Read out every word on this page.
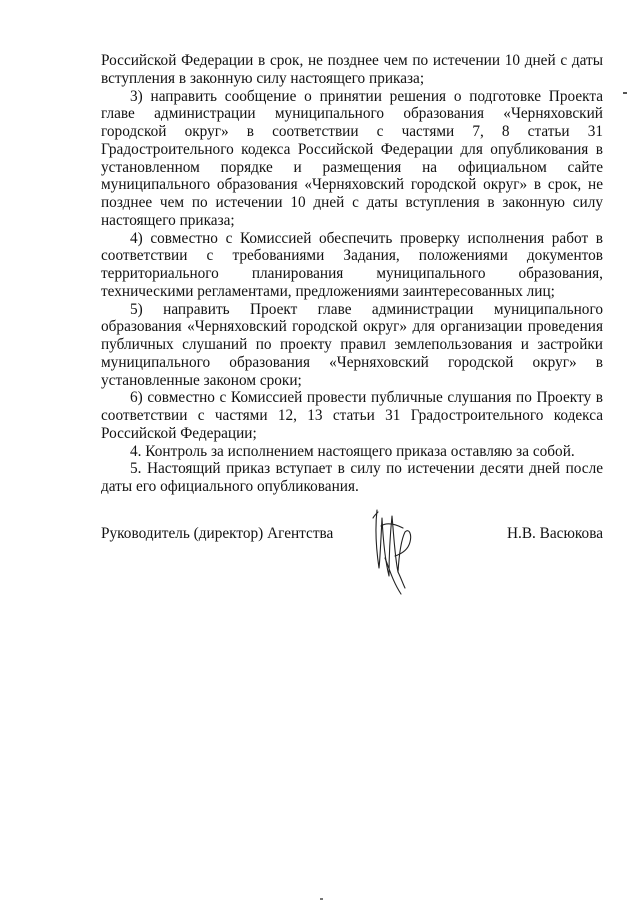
Российской Федерации в срок, не позднее чем по истечении 10 дней с даты вступления в законную силу настоящего приказа;

3) направить сообщение о принятии решения о подготовке Проекта главе администрации муниципального образования «Черняховский городской округ» в соответствии с частями 7, 8 статьи 31 Градостроительного кодекса Российской Федерации для опубликования в установленном порядке и размещения на официальном сайте муниципального образования «Черняховский городской округ» в срок, не позднее чем по истечении 10 дней с даты вступления в законную силу настоящего приказа;

4) совместно с Комиссией обеспечить проверку исполнения работ в соответствии с требованиями Задания, положениями документов территориального планирования муниципального образования, техническими регламентами, предложениями заинтересованных лиц;

5) направить Проект главе администрации муниципального образования «Черняховский городской округ» для организации проведения публичных слушаний по проекту правил землепользования и застройки муниципального образования «Черняховский городской округ» в установленные законом сроки;

6) совместно с Комиссией провести публичные слушания по Проекту в соответствии с частями 12, 13 статьи 31 Градостроительного кодекса Российской Федерации;

4. Контроль за исполнением настоящего приказа оставляю за собой.

5. Настоящий приказ вступает в силу по истечении десяти дней после даты его официального опубликования.

Руководитель (директор) Агентства	Н.В. Васюкова
